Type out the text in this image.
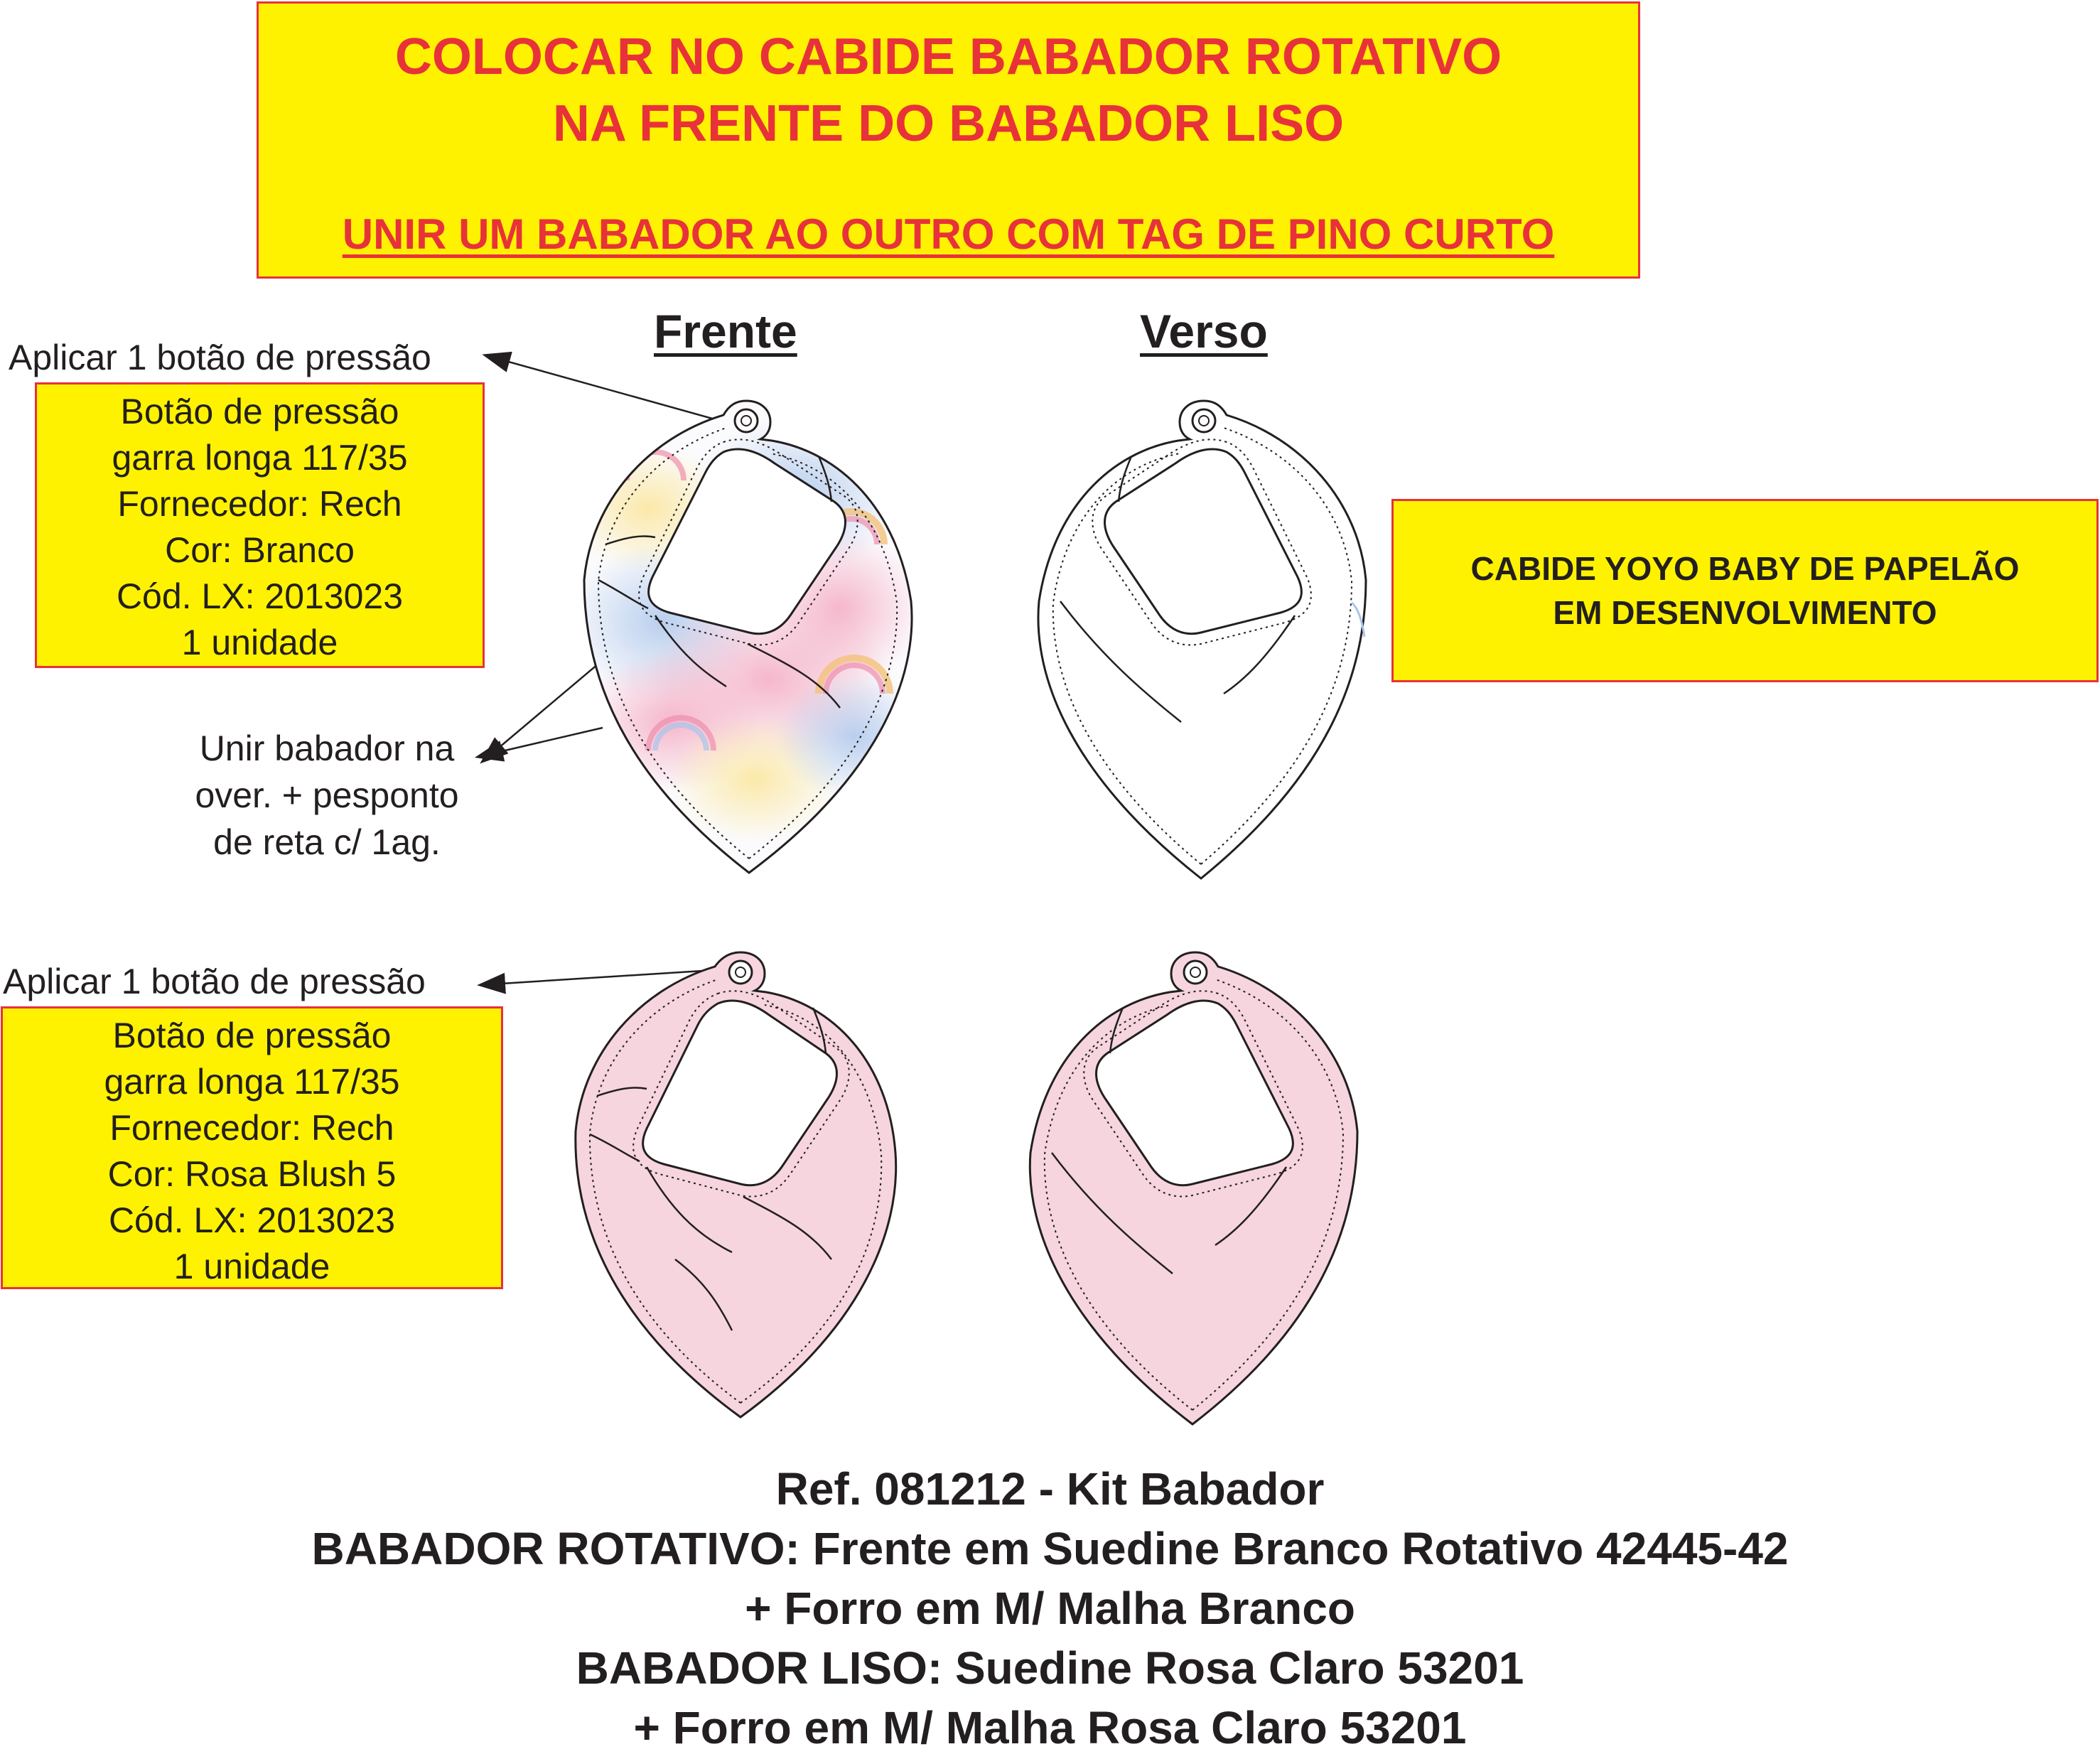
COLOCAR NO CABIDE BABADOR ROTATIVO
NA FRENTE DO BABADOR LISO
UNIR UM BABADOR AO OUTRO COM TAG DE PINO CURTO
Frente	Verso
Aplicar 1 botão de pressão
Aplicar 1 botão de pressão
Botão de pressão
garra longa 117/35
Fornecedor: Rech
Cor: Branco
Cód. LX: 2013023
1 unidade
Botão de pressão
garra longa 117/35
Fornecedor: Rech
Cor: Rosa Blush 5
Cód. LX: 2013023
1 unidade
CABIDE YOYO BABY DE PAPELÃO
EM DESENVOLVIMENTO
Unir babador na
over. + pesponto
de reta c/ 1ag.
Ref. 081212 - Kit Babador
BABADOR ROTATIVO: Frente em Suedine Branco Rotativo 42445-42
+ Forro em M/ Malha Branco
BABADOR LISO: Suedine Rosa Claro 53201
+ Forro em M/ Malha Rosa Claro 53201
